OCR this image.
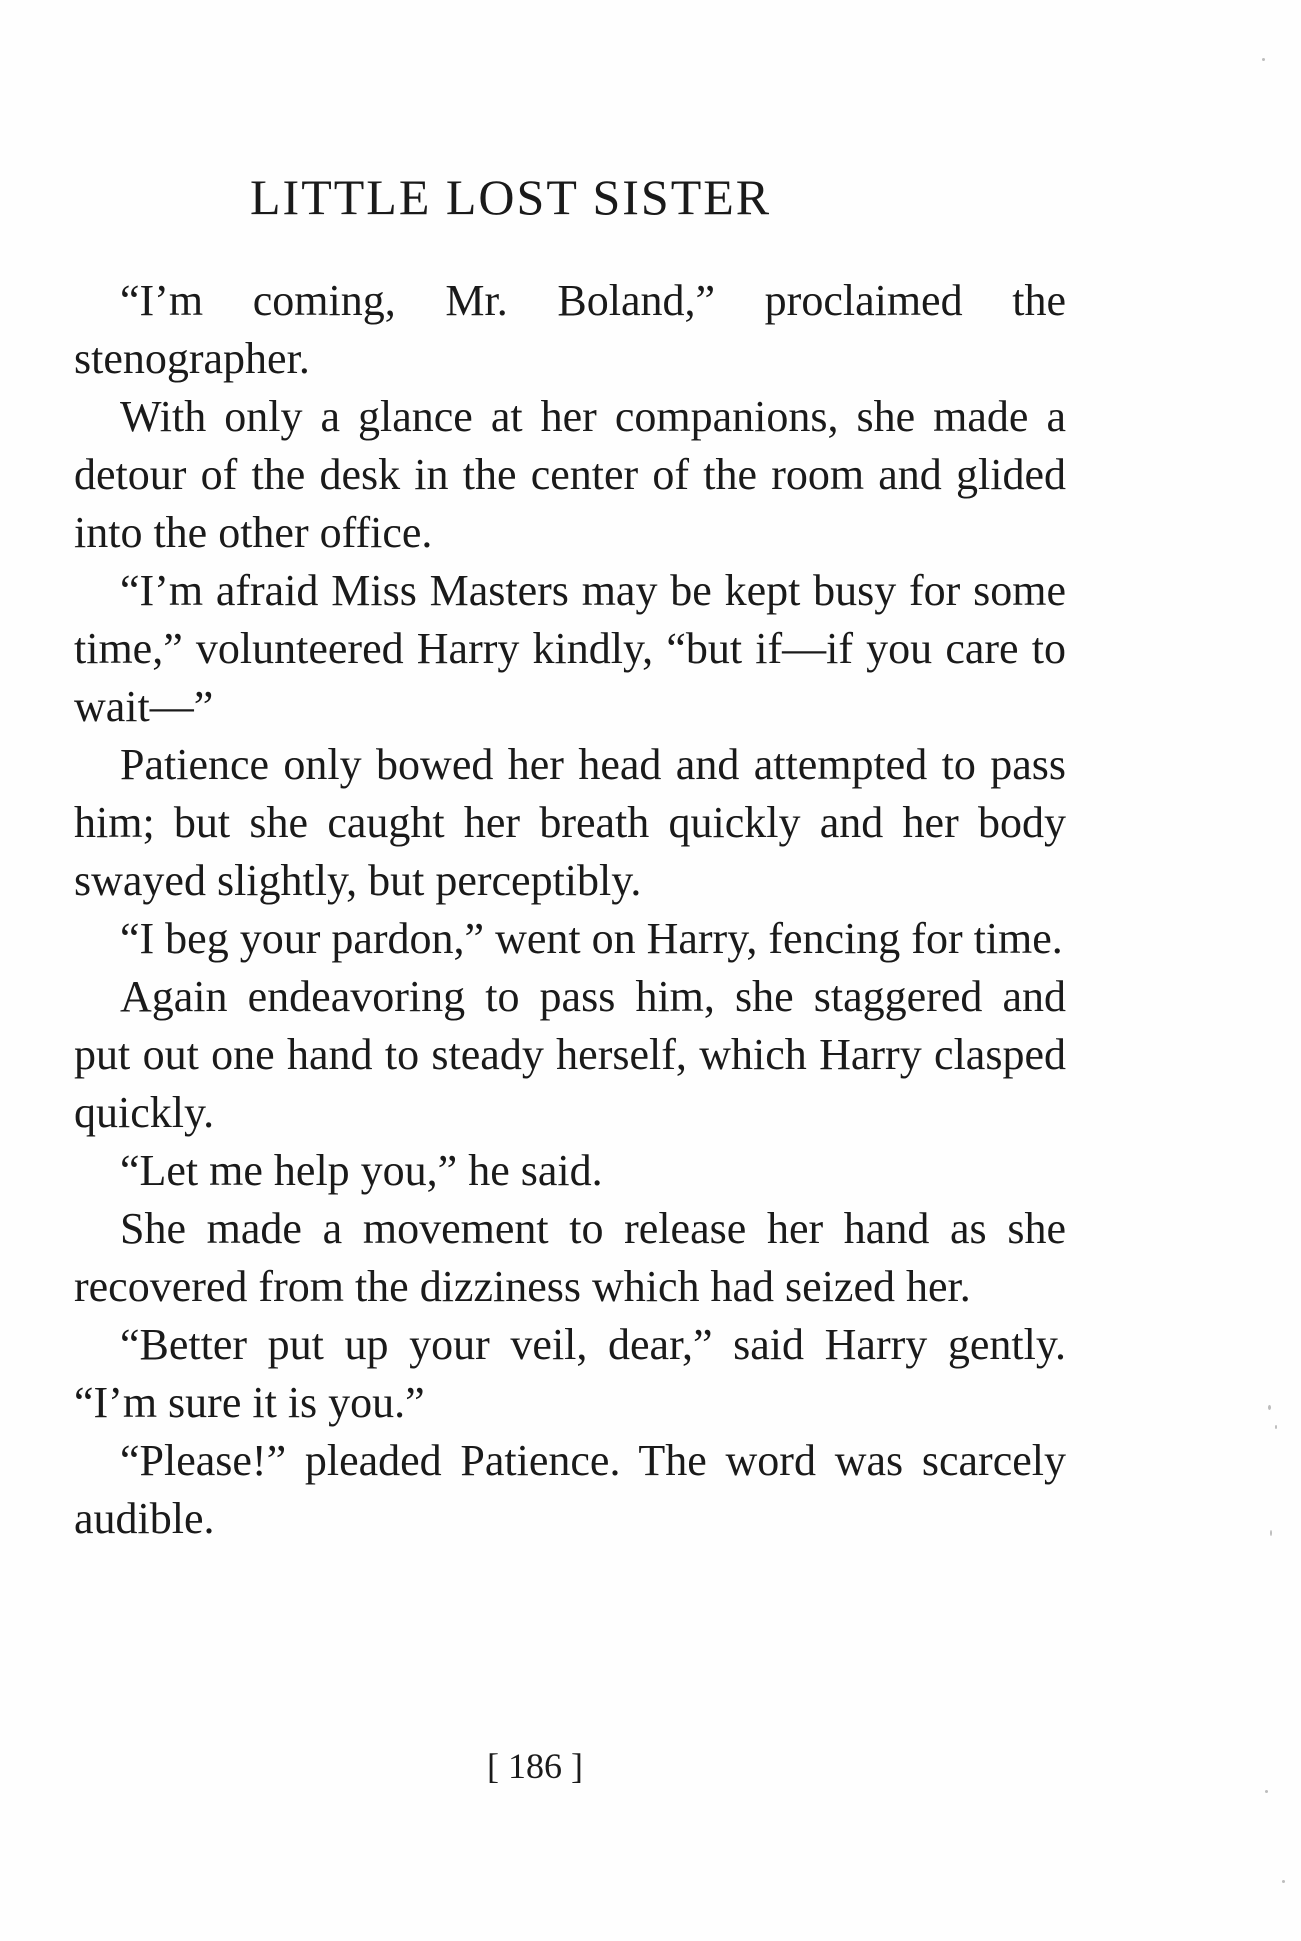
LITTLE LOST SISTER

“I’m coming, Mr. Boland,” proclaimed the stenographer.

With only a glance at her companions, she made a detour of the desk in the center of the room and glided into the other office.

“I’m afraid Miss Masters may be kept busy for some time,” volunteered Harry kindly, “but if—if you care to wait—”

Patience only bowed her head and attempted to pass him; but she caught her breath quickly and her body swayed slightly, but perceptibly.

“I beg your pardon,” went on Harry, fencing for time.

Again endeavoring to pass him, she staggered and put out one hand to steady herself, which Harry clasped quickly.

“Let me help you,” he said.

She made a movement to release her hand as she recovered from the dizziness which had seized her.

“Better put up your veil, dear,” said Harry gently. “I’m sure it is you.”

“Please!” pleaded Patience. The word was scarcely audible.

[ 186 ]
